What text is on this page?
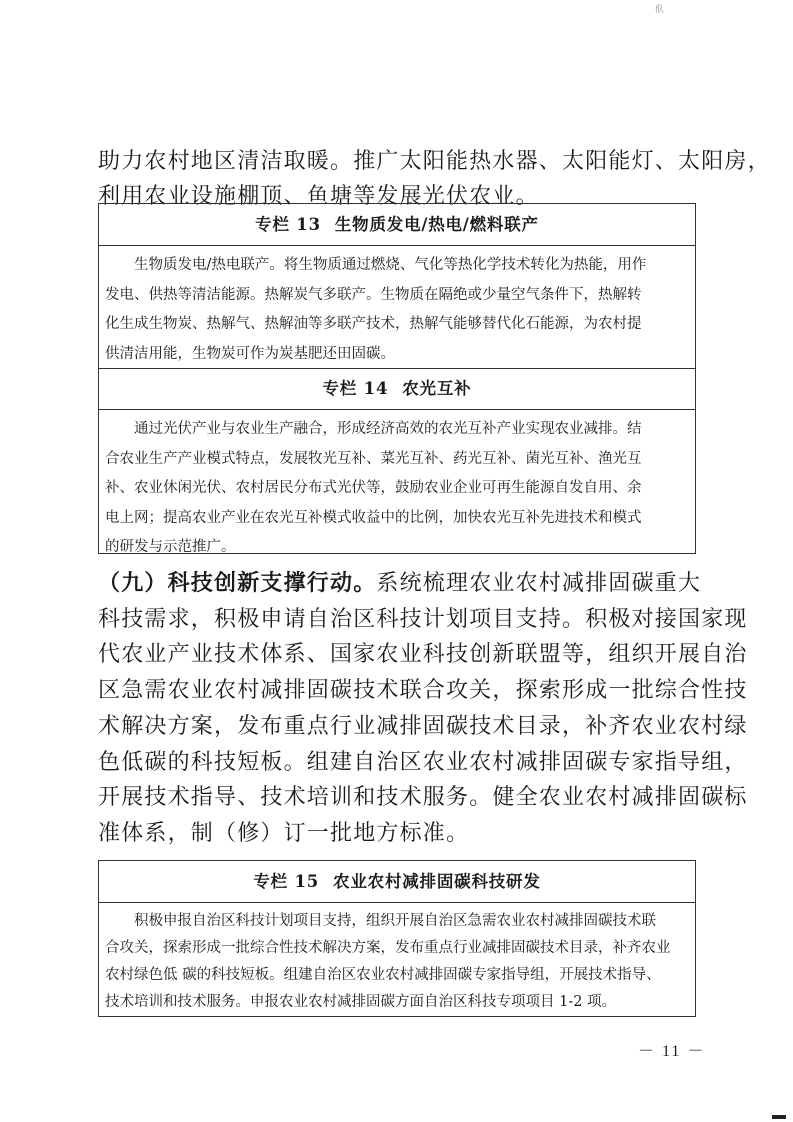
㐺
助力农村地区清洁取暖。推广太阳能热水器、太阳能灯、太阳房，
利用农业设施棚顶、鱼塘等发展光伏农业。
专栏 13 生物质发电/热电/燃料联产
　　生物质发电/热电联产。将生物质通过燃烧、气化等热化学技术转化为热能，用作
发电、供热等清洁能源。热解炭气多联产。生物质在隔绝或少量空气条件下，热解转
化生成生物炭、热解气、热解油等多联产技术，热解气能够替代化石能源，为农村提
供清洁用能，生物炭可作为炭基肥还田固碳。
专栏 14 农光互补
　　通过光伏产业与农业生产融合，形成经济高效的农光互补产业实现农业减排。结
合农业生产产业模式特点，发展牧光互补、菜光互补、药光互补、菌光互补、渔光互
补、农业休闲光伏、农村居民分布式光伏等，鼓励农业企业可再生能源自发自用、余
电上网；提高农业产业在农光互补模式收益中的比例，加快农光互补先进技术和模式
的研发与示范推广。
（九）科技创新支撑行动。系统梳理农业农村减排固碳重大
科技需求，积极申请自治区科技计划项目支持。积极对接国家现
代农业产业技术体系、国家农业科技创新联盟等，组织开展自治
区急需农业农村减排固碳技术联合攻关，探索形成一批综合性技
术解决方案，发布重点行业减排固碳技术目录，补齐农业农村绿
色低碳的科技短板。组建自治区农业农村减排固碳专家指导组，
开展技术指导、技术培训和技术服务。健全农业农村减排固碳标
准体系，制（修）订一批地方标准。
专栏 15 农业农村减排固碳科技研发
　　积极申报自治区科技计划项目支持，组织开展自治区急需农业农村减排固碳技术联
合攻关，探索形成一批综合性技术解决方案，发布重点行业减排固碳技术目录，补齐农业
农村绿色低 碳的科技短板。组建自治区农业农村减排固碳专家指导组，开展技术指导、
技术培训和技术服务。申报农业农村减排固碳方面自治区科技专项项目 1-2 项。
－ 11 －
